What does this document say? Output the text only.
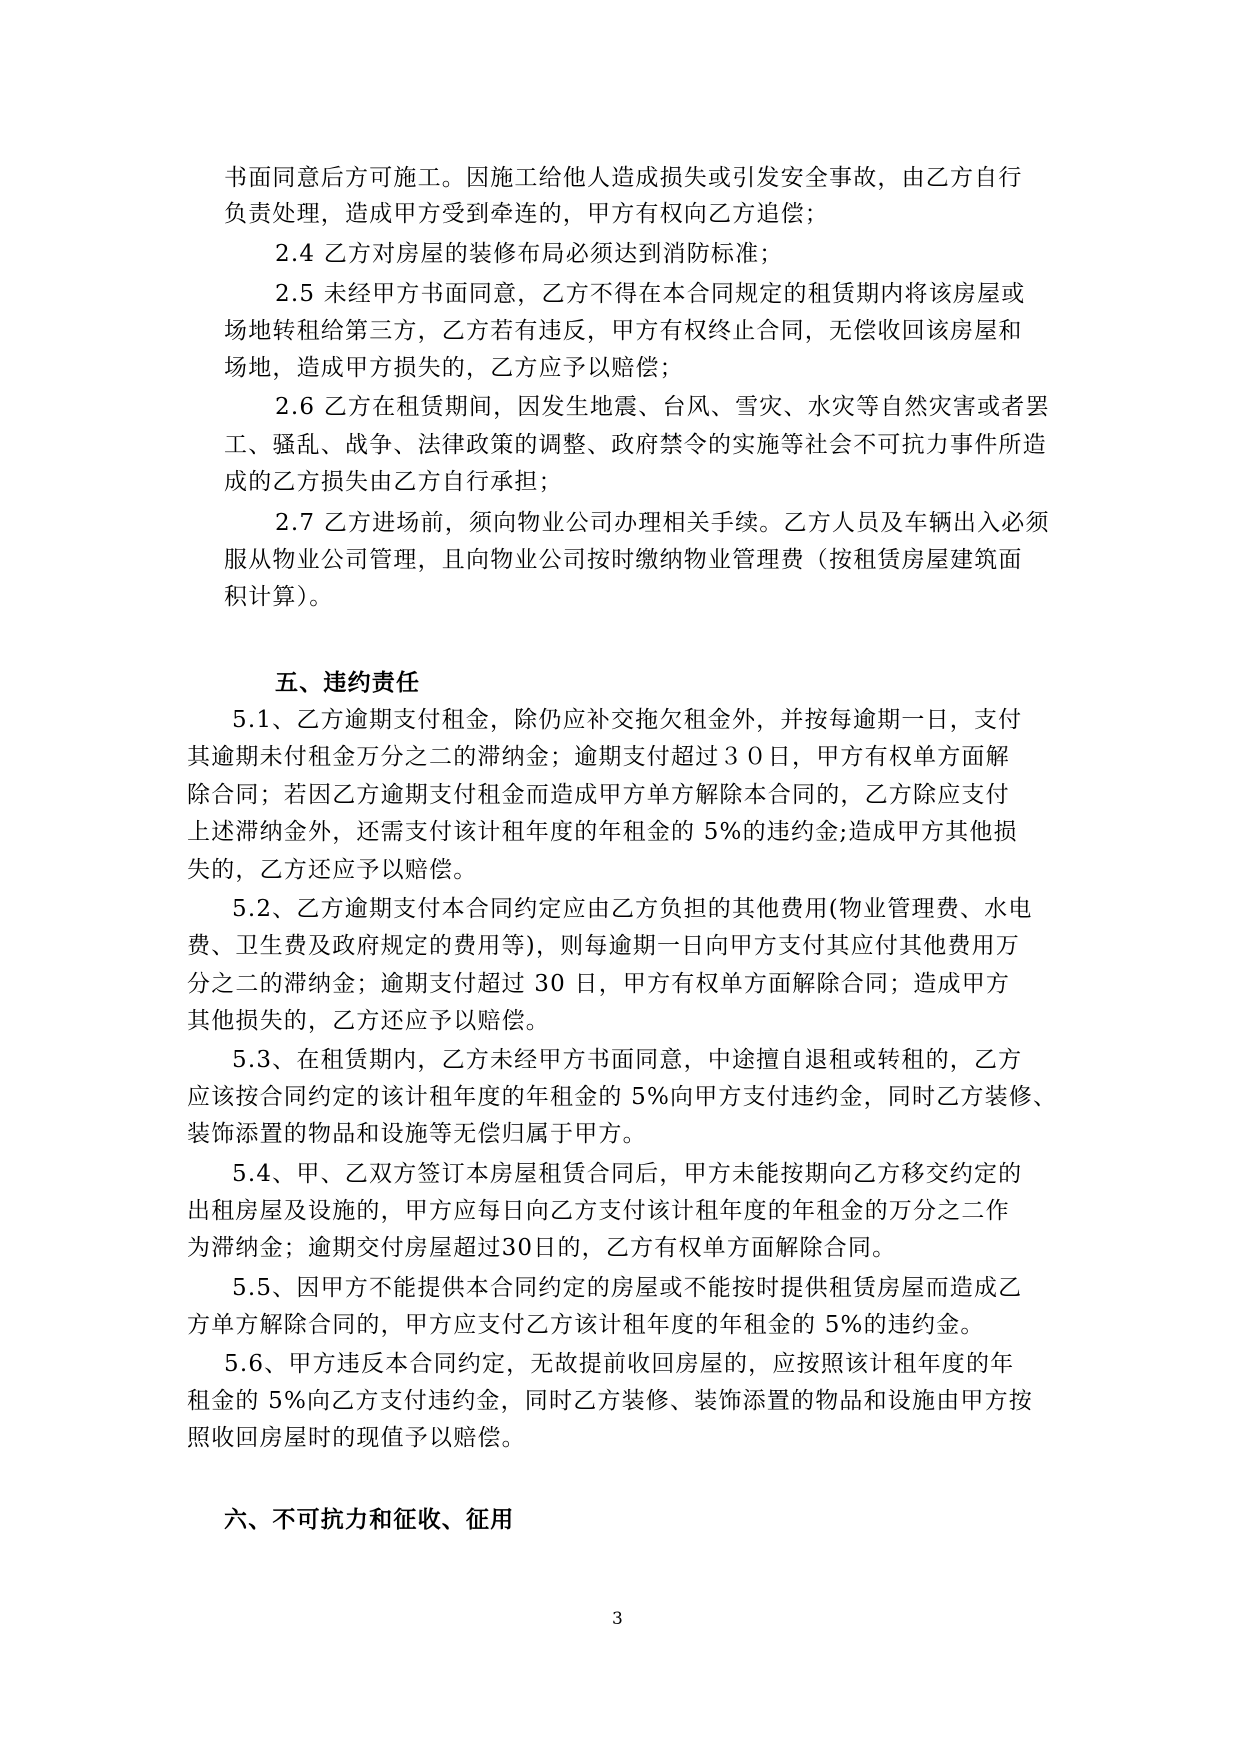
书面同意后方可施工。因施工给他人造成损失或引发安全事故，由乙方自行
负责处理，造成甲方受到牵连的，甲方有权向乙方追偿；
2.4 乙方对房屋的装修布局必须达到消防标准；
2.5 未经甲方书面同意，乙方不得在本合同规定的租赁期内将该房屋或
场地转租给第三方，乙方若有违反，甲方有权终止合同，无偿收回该房屋和
场地，造成甲方损失的，乙方应予以赔偿；
2.6 乙方在租赁期间，因发生地震、台风、雪灾、水灾等自然灾害或者罢
工、骚乱、战争、法律政策的调整、政府禁令的实施等社会不可抗力事件所造
成的乙方损失由乙方自行承担；
2.7 乙方进场前，须向物业公司办理相关手续。乙方人员及车辆出入必须
服从物业公司管理，且向物业公司按时缴纳物业管理费（按租赁房屋建筑面
积计算）。
五、违约责任
5.1、乙方逾期支付租金，除仍应补交拖欠租金外，并按每逾期一日，支付
其逾期未付租金万分之二的滞纳金；逾期支付超过３０日，甲方有权单方面解
除合同；若因乙方逾期支付租金而造成甲方单方解除本合同的，乙方除应支付
上述滞纳金外，还需支付该计租年度的年租金的 5%的违约金;造成甲方其他损
失的，乙方还应予以赔偿。
5.2、乙方逾期支付本合同约定应由乙方负担的其他费用(物业管理费、水电
费、卫生费及政府规定的费用等)，则每逾期一日向甲方支付其应付其他费用万
分之二的滞纳金；逾期支付超过 30 日，甲方有权单方面解除合同；造成甲方
其他损失的，乙方还应予以赔偿。
5.3、在租赁期内，乙方未经甲方书面同意，中途擅自退租或转租的，乙方
应该按合同约定的该计租年度的年租金的 5%向甲方支付违约金，同时乙方装修、
装饰添置的物品和设施等无偿归属于甲方。
5.4、甲、乙双方签订本房屋租赁合同后，甲方未能按期向乙方移交约定的
出租房屋及设施的，甲方应每日向乙方支付该计租年度的年租金的万分之二作
为滞纳金；逾期交付房屋超过30日的，乙方有权单方面解除合同。
5.5、因甲方不能提供本合同约定的房屋或不能按时提供租赁房屋而造成乙
方单方解除合同的，甲方应支付乙方该计租年度的年租金的 5%的违约金。
5.6、甲方违反本合同约定，无故提前收回房屋的，应按照该计租年度的年
租金的 5%向乙方支付违约金，同时乙方装修、装饰添置的物品和设施由甲方按
照收回房屋时的现值予以赔偿。
六、不可抗力和征收、征用
3
